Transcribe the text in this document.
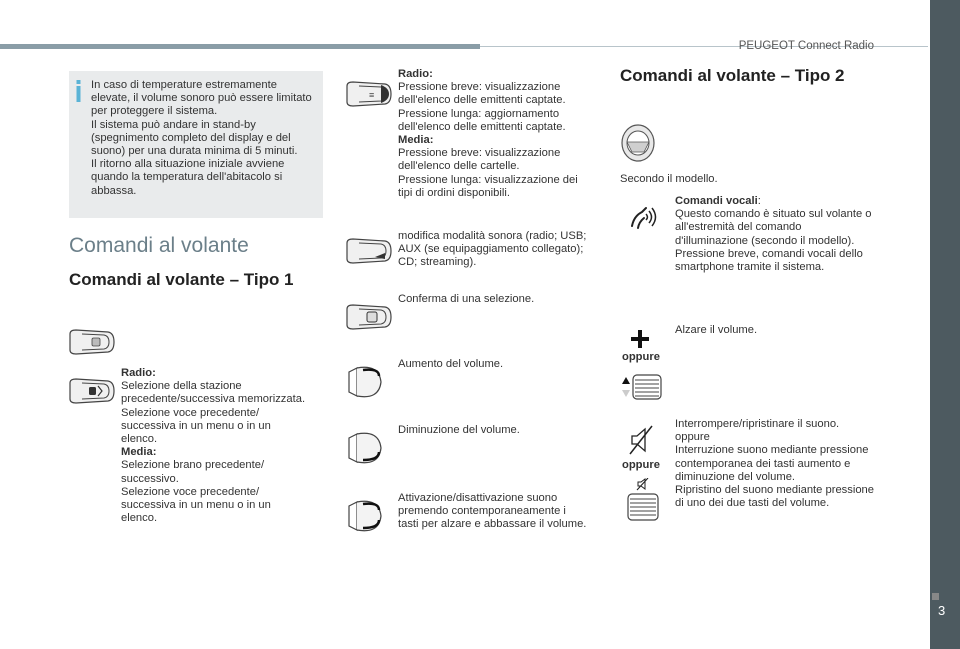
PEUGEOT Connect Radio
3
In caso di temperature estremamente elevate, il volume sonoro può essere limitato per proteggere il sistema.
Il sistema può andare in stand-by (spegnimento completo del display e del suono) per una durata minima di 5 minuti.
Il ritorno alla situazione iniziale avviene quando la temperatura dell'abitacolo si abbassa.
Comandi al volante
Comandi al volante – Tipo 1
Radio:
Selezione della stazione precedente/successiva memorizzata.
Selezione voce precedente/ successiva in un menu o in un elenco.
Media:
Selezione brano precedente/ successivo.
Selezione voce precedente/ successiva in un menu o in un elenco.
≡
Radio:
Pressione breve: visualizzazione dell'elenco delle emittenti captate.
Pressione lunga: aggiornamento dell'elenco delle emittenti captate.
Media:
Pressione breve: visualizzazione dell'elenco delle cartelle.
Pressione lunga: visualizzazione dei tipi di ordini disponibili.
modifica modalità sonora (radio; USB; AUX (se equipaggiamento collegato); CD; streaming).
Conferma di una selezione.
Aumento del volume.
Diminuzione del volume.
Attivazione/disattivazione suono premendo contemporaneamente i tasti per alzare e abbassare il volume.
Comandi al volante – Tipo 2
Secondo il modello.
Comandi vocali:
Questo comando è situato sul volante o all'estremità del comando d'illuminazione (secondo il modello).
Pressione breve, comandi vocali dello smartphone tramite il sistema.
oppure
Alzare il volume.
oppure
Interrompere/ripristinare il suono.
oppure
Interruzione suono mediante pressione contemporanea dei tasti aumento e diminuzione del volume.
Ripristino del suono mediante pressione di uno dei due tasti del volume.
